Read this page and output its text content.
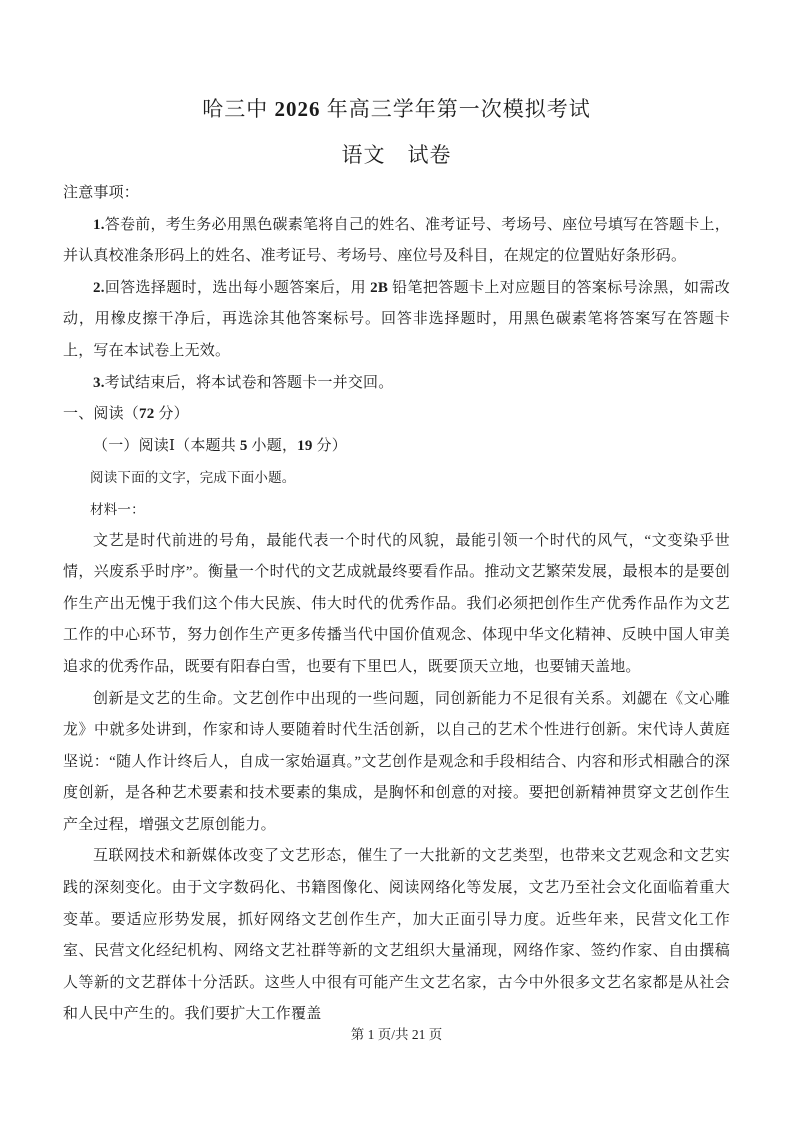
哈三中 2026 年高三学年第一次模拟考试

语文　试卷

注意事项：

1.答卷前，考生务必用黑色碳素笔将自己的姓名、准考证号、考场号、座位号填写在答题卡上，并认真校准条形码上的姓名、准考证号、考场号、座位号及科目，在规定的位置贴好条形码。

2.回答选择题时，选出每小题答案后，用 2B 铅笔把答题卡上对应题目的答案标号涂黑，如需改动，用橡皮擦干净后，再选涂其他答案标号。回答非选择题时，用黑色碳素笔将答案写在答题卡上，写在本试卷上无效。

3.考试结束后，将本试卷和答题卡一并交回。

一、阅读（72 分）

（一）阅读Ⅰ（本题共 5 小题，19 分）

阅读下面的文字，完成下面小题。

材料一：

文艺是时代前进的号角，最能代表一个时代的风貌，最能引领一个时代的风气，“文变染乎世情，兴废系乎时序”。衡量一个时代的文艺成就最终要看作品。推动文艺繁荣发展，最根本的是要创作生产出无愧于我们这个伟大民族、伟大时代的优秀作品。我们必须把创作生产优秀作品作为文艺工作的中心环节，努力创作生产更多传播当代中国价值观念、体现中华文化精神、反映中国人审美追求的优秀作品，既要有阳春白雪，也要有下里巴人，既要顶天立地，也要铺天盖地。

创新是文艺的生命。文艺创作中出现的一些问题，同创新能力不足很有关系。刘勰在《文心雕龙》中就多处讲到，作家和诗人要随着时代生活创新，以自己的艺术个性进行创新。宋代诗人黄庭坚说：“随人作计终后人，自成一家始逼真。”文艺创作是观念和手段相结合、内容和形式相融合的深度创新，是各种艺术要素和技术要素的集成，是胸怀和创意的对接。要把创新精神贯穿文艺创作生产全过程，增强文艺原创能力。

互联网技术和新媒体改变了文艺形态，催生了一大批新的文艺类型，也带来文艺观念和文艺实践的深刻变化。由于文字数码化、书籍图像化、阅读网络化等发展，文艺乃至社会文化面临着重大变革。要适应形势发展，抓好网络文艺创作生产，加大正面引导力度。近些年来，民营文化工作室、民营文化经纪机构、网络文艺社群等新的文艺组织大量涌现，网络作家、签约作家、自由撰稿人等新的文艺群体十分活跃。这些人中很有可能产生文艺名家，古今中外很多文艺名家都是从社会和人民中产生的。我们要扩大工作覆盖

第 1 页/共 21 页
